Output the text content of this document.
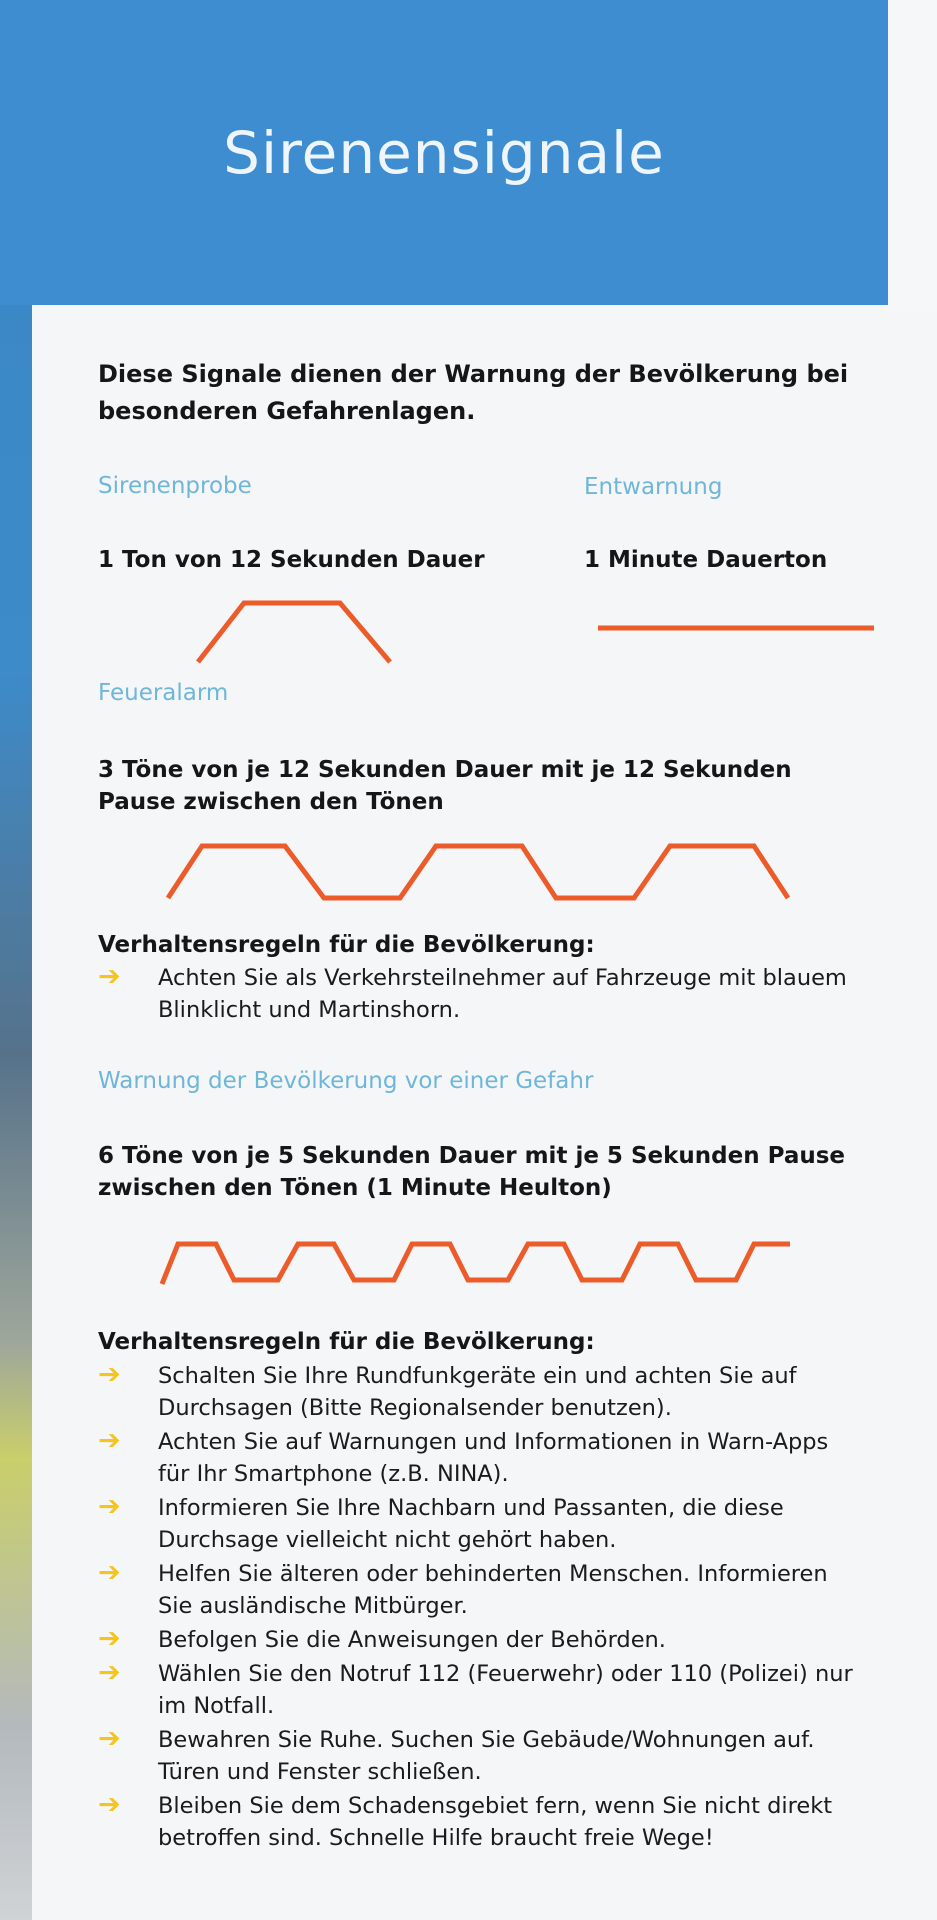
Sirenensignale

Diese Signale dienen der Warnung der Bevölkerung bei besonderen Gefahrenlagen.

Sirenenprobe

1 Ton von 12 Sekunden Dauer

Entwarnung

1 Minute Dauerton

Feueralarm

3 Töne von je 12 Sekunden Dauer mit je 12 Sekunden Pause zwischen den Tönen

Verhaltensregeln für die Bevölkerung:

➔ Achten Sie als Verkehrsteilnehmer auf Fahrzeuge mit blauem Blinklicht und Martinshorn.

Warnung der Bevölkerung vor einer Gefahr

6 Töne von je 5 Sekunden Dauer mit je 5 Sekunden Pause zwischen den Tönen (1 Minute Heulton)

Verhaltensregeln für die Bevölkerung:

➔ Schalten Sie Ihre Rundfunkgeräte ein und achten Sie auf Durchsagen (Bitte Regionalsender benutzen).
➔ Achten Sie auf Warnungen und Informationen in Warn-Apps für Ihr Smartphone (z.B. NINA).
➔ Informieren Sie Ihre Nachbarn und Passanten, die diese Durchsage vielleicht nicht gehört haben.
➔ Helfen Sie älteren oder behinderten Menschen. Informieren Sie ausländische Mitbürger.
➔ Befolgen Sie die Anweisungen der Behörden.
➔ Wählen Sie den Notruf 112 (Feuerwehr) oder 110 (Polizei) nur im Notfall.
➔ Bewahren Sie Ruhe. Suchen Sie Gebäude/Wohnungen auf. Türen und Fenster schließen.
➔ Bleiben Sie dem Schadensgebiet fern, wenn Sie nicht direkt betroffen sind. Schnelle Hilfe braucht freie Wege!
